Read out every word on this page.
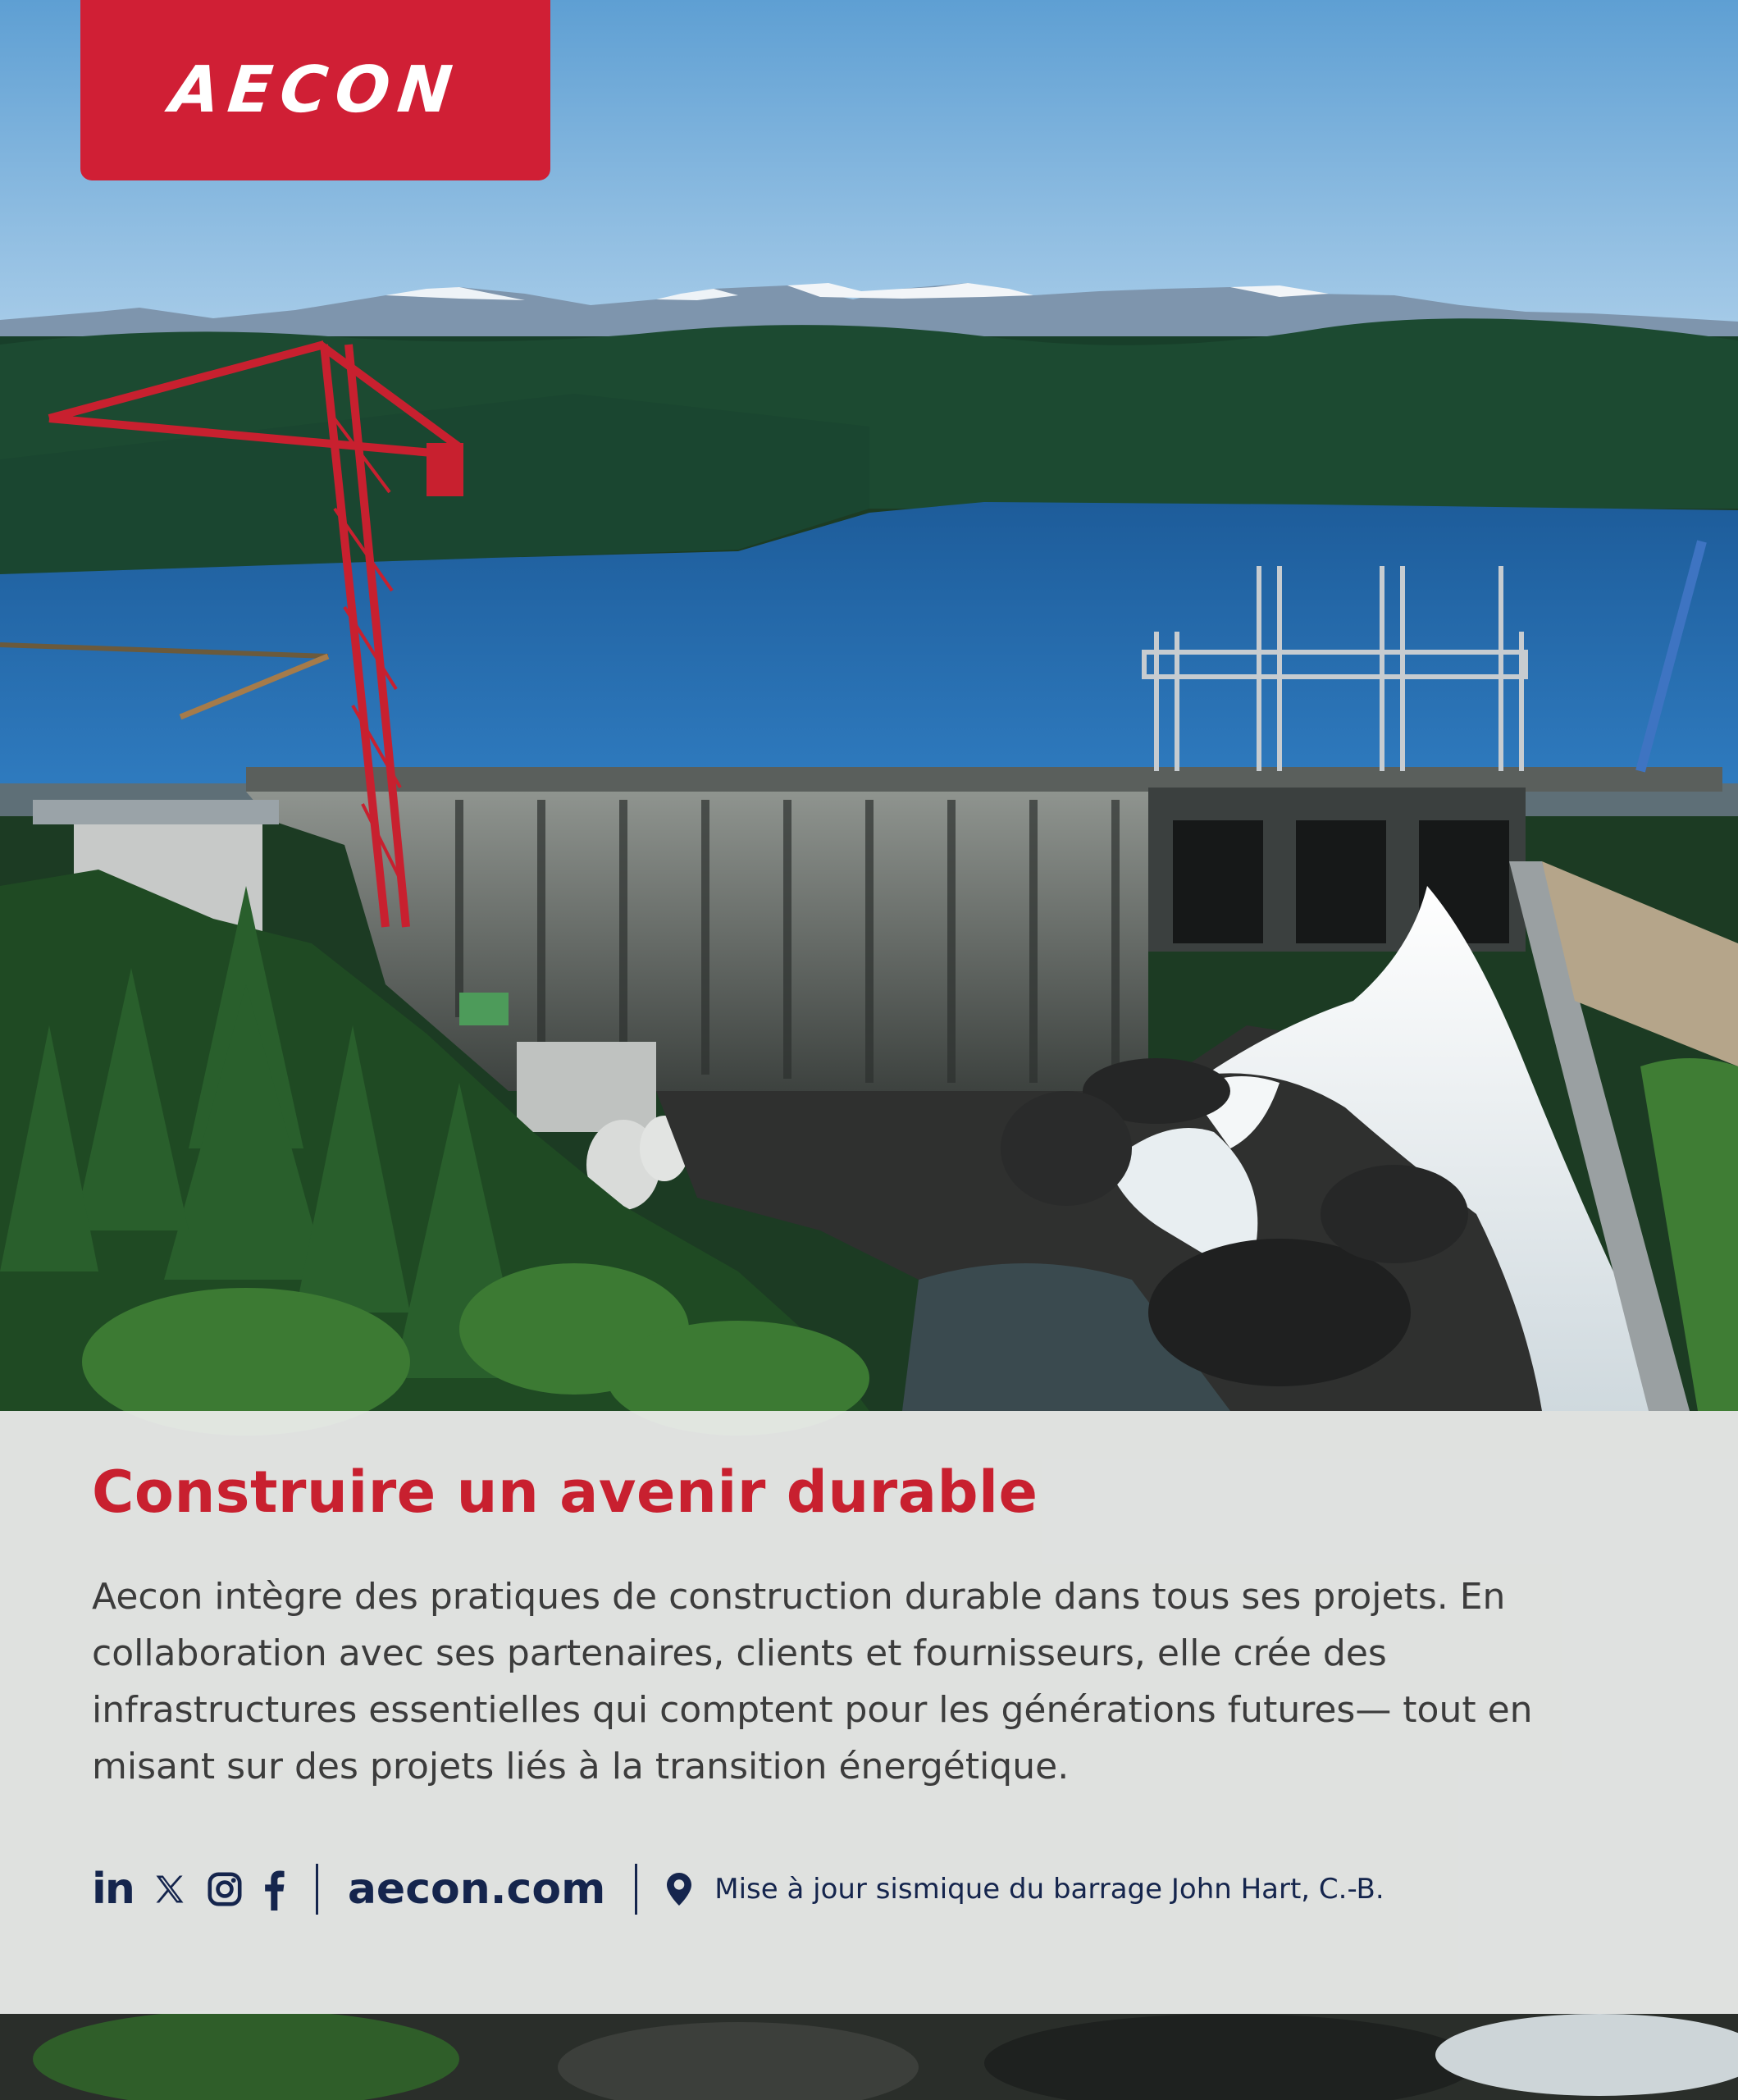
AECON
Construire un avenir durable

Aecon intègre des pratiques de construction durable dans tous ses projets. En collaboration avec ses partenaires, clients et fournisseurs, elle crée des infrastructures essentielles qui comptent pour les générations futures— tout en misant sur des projets liés à la transition énergétique.

in	aecon.com	Mise à jour sismique du barrage John Hart, C.-B.
